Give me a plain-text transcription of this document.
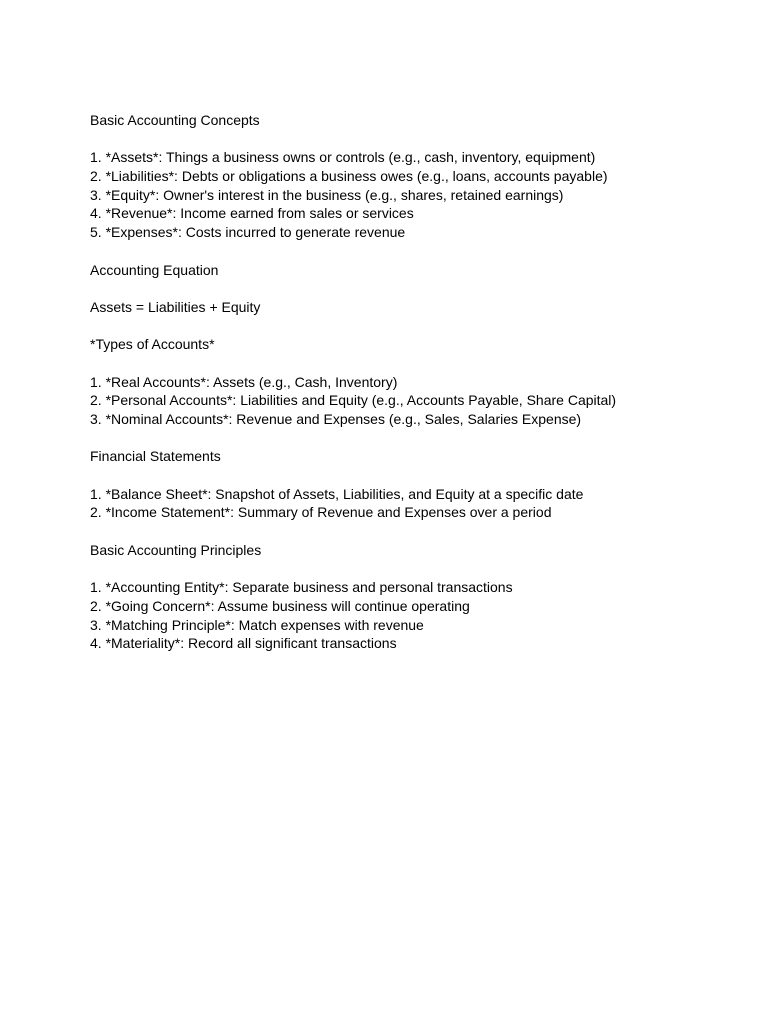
Basic Accounting Concepts
1. *Assets*: Things a business owns or controls (e.g., cash, inventory, equipment)
2. *Liabilities*: Debts or obligations a business owes (e.g., loans, accounts payable)
3. *Equity*: Owner's interest in the business (e.g., shares, retained earnings)
4. *Revenue*: Income earned from sales or services
5. *Expenses*: Costs incurred to generate revenue
Accounting Equation
Assets = Liabilities + Equity
*Types of Accounts*
1. *Real Accounts*: Assets (e.g., Cash, Inventory)
2. *Personal Accounts*: Liabilities and Equity (e.g., Accounts Payable, Share Capital)
3. *Nominal Accounts*: Revenue and Expenses (e.g., Sales, Salaries Expense)
Financial Statements
1. *Balance Sheet*: Snapshot of Assets, Liabilities, and Equity at a specific date
2. *Income Statement*: Summary of Revenue and Expenses over a period
Basic Accounting Principles
1. *Accounting Entity*: Separate business and personal transactions
2. *Going Concern*: Assume business will continue operating
3. *Matching Principle*: Match expenses with revenue
4. *Materiality*: Record all significant transactions
